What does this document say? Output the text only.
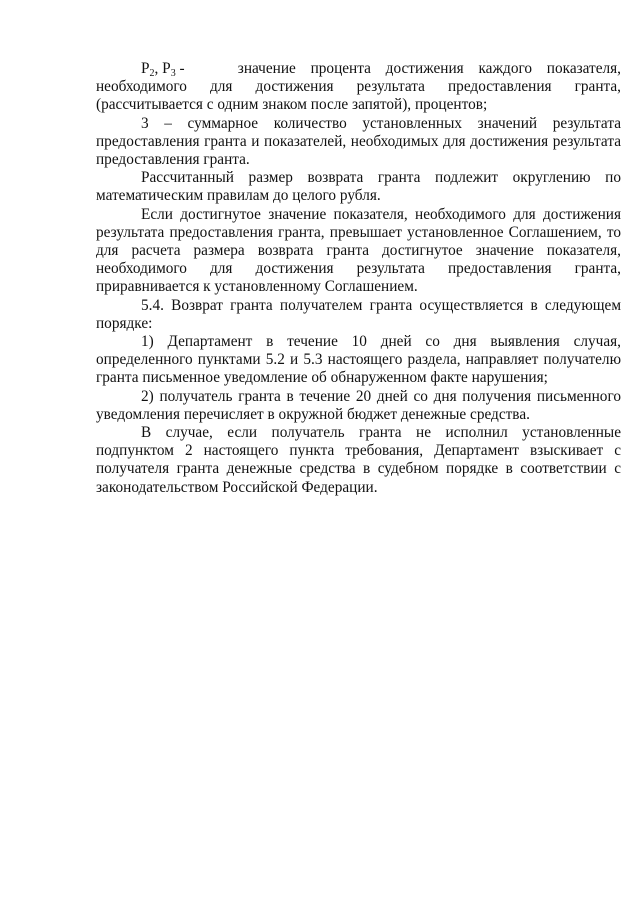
$P_2$, $P_3$ -	значение процента достижения каждого показателя, необходимого для достижения результата предоставления гранта, (рассчитывается с одним знаком после запятой), процентов;

3 – суммарное количество установленных значений результата предоставления гранта и показателей, необходимых для достижения результата предоставления гранта.

Рассчитанный размер возврата гранта подлежит округлению по математическим правилам до целого рубля.

Если достигнутое значение показателя, необходимого для достижения результата предоставления гранта, превышает установленное Соглашением, то для расчета размера возврата гранта достигнутое значение показателя, необходимого для достижения результата предоставления гранта, приравнивается к установленному Соглашением.

5.4. Возврат гранта получателем гранта осуществляется в следующем порядке:

1) Департамент в течение 10 дней со дня выявления случая, определенного пунктами 5.2 и 5.3 настоящего раздела, направляет получателю гранта письменное уведомление об обнаруженном факте нарушения;

2) получатель гранта в течение 20 дней со дня получения письменного уведомления перечисляет в окружной бюджет денежные средства.

В случае, если получатель гранта не исполнил установленные подпунктом 2 настоящего пункта требования, Департамент взыскивает с получателя гранта денежные средства в судебном порядке в соответствии с законодательством Российской Федерации.
